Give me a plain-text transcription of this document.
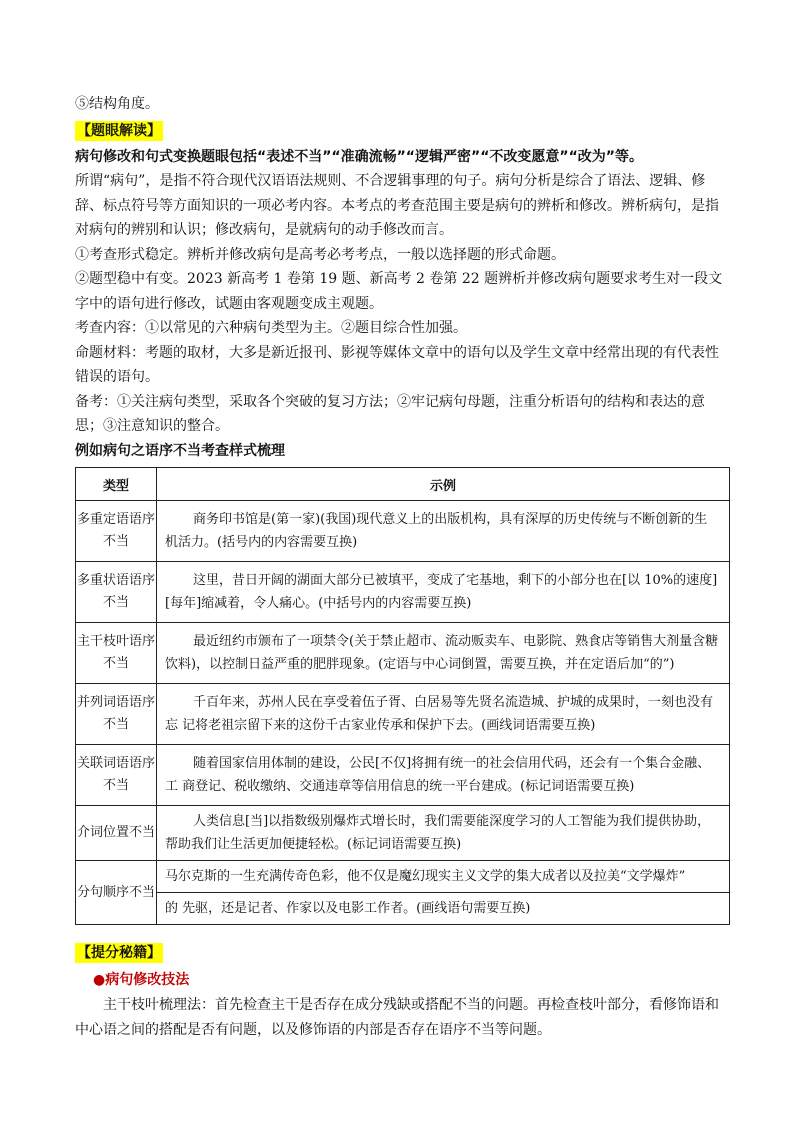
⑤结构角度。

【题眼解读】

病句修改和句式变换题眼包括“表述不当”“准确流畅”“逻辑严密”“不改变愿意”“改为”等。

所谓“病句”，是指不符合现代汉语语法规则、不合逻辑事理的句子。病句分析是综合了语法、逻辑、修辞、标点符号等方面知识的一项必考内容。本考点的考查范围主要是病句的辨析和修改。辨析病句，是指对病句的辨别和认识；修改病句，是就病句的动手修改而言。

①考查形式稳定。辨析并修改病句是高考必考考点，一般以选择题的形式命题。

②题型稳中有变。2023 新高考 1 卷第 19 题、新高考 2 卷第 22 题辨析并修改病句题要求考生对一段文字中的语句进行修改，试题由客观题变成主观题。

考查内容：①以常见的六种病句类型为主。②题目综合性加强。

命题材料：考题的取材，大多是新近报刊、影视等媒体文章中的语句以及学生文章中经常出现的有代表性错误的语句。

备考：①关注病句类型，采取各个突破的复习方法；②牢记病句母题，注重分析语句的结构和表达的意思；③注意知识的整合。

例如病句之语序不当考查样式梳理

类型	示例
多重定语语序不当	商务印书馆是(第一家)(我国)现代意义上的出版机构，具有深厚的历史传统与不断创新的生机活力。(括号内的内容需要互换)
多重状语语序不当	这里，昔日开阔的湖面大部分已被填平，变成了宅基地，剩下的小部分也在[以 10%的速度][每年]缩减着，令人痛心。(中括号内的内容需要互换)
主干枝叶语序不当	最近纽约市颁布了一项禁令(关于禁止超市、流动贩卖车、电影院、熟食店等销售大剂量含糖饮料)，以控制日益严重的肥胖现象。(定语与中心词倒置，需要互换，并在定语后加“的”)
并列词语语序不当	千百年来，苏州人民在享受着伍子胥、白居易等先贤名流造城、护城的成果时，一刻也没有忘 记将老祖宗留下来的这份千古家业传承和保护下去。(画线词语需要互换)
关联词语语序不当	随着国家信用体制的建设，公民[不仅]将拥有统一的社会信用代码，还会有一个集合金融、工 商登记、税收缴纳、交通违章等信用信息的统一平台建成。(标记词语需要互换)
介词位置不当	人类信息[当]以指数级别爆炸式增长时，我们需要能深度学习的人工智能为我们提供协助， 帮助我们让生活更加便捷轻松。(标记词语需要互换)
分句顺序不当	马尔克斯的一生充满传奇色彩，他不仅是魔幻现实主义文学的集大成者以及拉美“文学爆炸”
的 先驱，还是记者、作家以及电影工作者。(画线语句需要互换)
【提分秘籍】
●病句修改技法

主干枝叶梳理法：首先检查主干是否存在成分残缺或搭配不当的问题。再检查枝叶部分，看修饰语和中心语之间的搭配是否有问题，以及修饰语的内部是否存在语序不当等问题。
